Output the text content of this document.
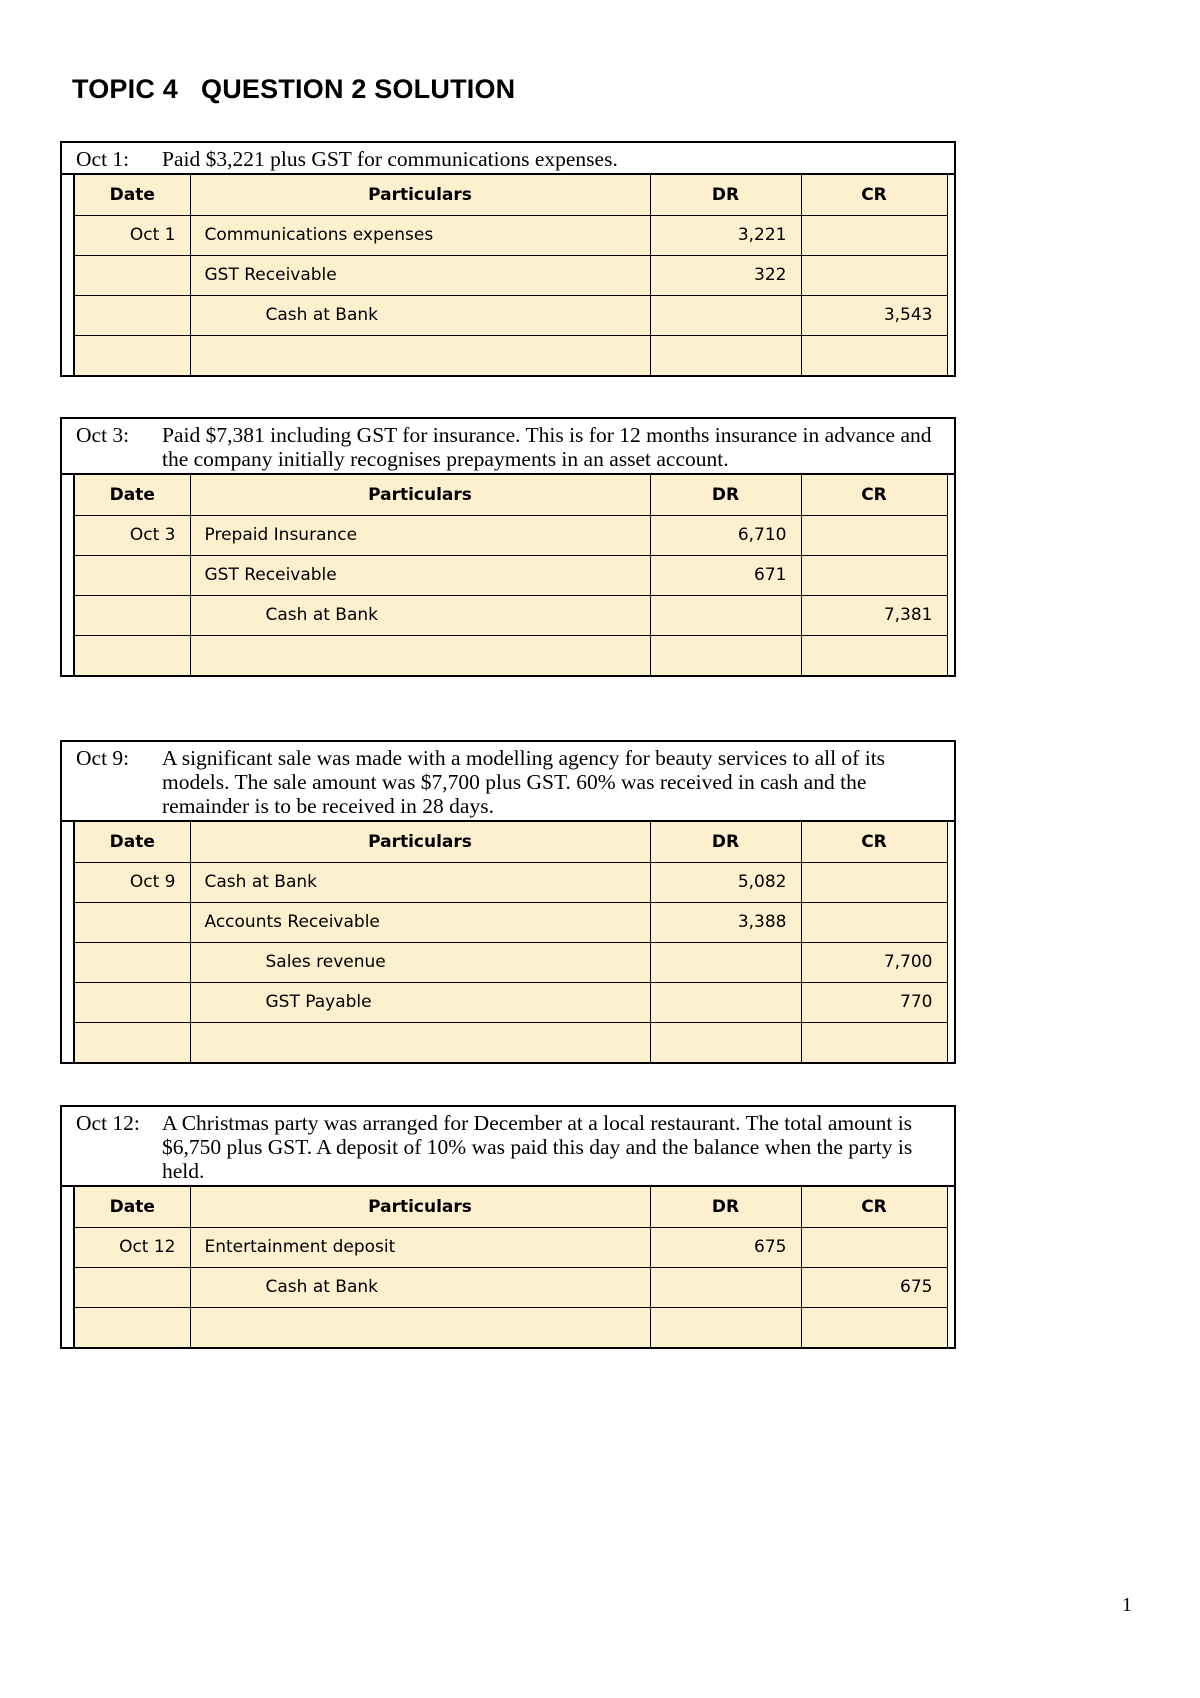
TOPIC 4   QUESTION 2 SOLUTION
Oct 1:	Paid $3,221 plus GST for communications expenses.
Date	Particulars	DR	CR
Oct 1	Communications expenses	3,221	
	GST Receivable	322	
	Cash at Bank		3,543

Oct 3:	Paid $7,381 including GST for insurance. This is for 12 months insurance in advance and the company initially recognises prepayments in an asset account.
Date	Particulars	DR	CR
Oct 3	Prepaid Insurance	6,710	
	GST Receivable	671	
	Cash at Bank		7,381

Oct 9:	A significant sale was made with a modelling agency for beauty services to all of its models. The sale amount was $7,700 plus GST. 60% was received in cash and the remainder is to be received in 28 days.
Date	Particulars	DR	CR
Oct 9	Cash at Bank	5,082	
	Accounts Receivable	3,388	
	Sales revenue		7,700
	GST Payable		770

Oct 12:	A Christmas party was arranged for December at a local restaurant. The total amount is $6,750 plus GST. A deposit of 10% was paid this day and the balance when the party is held.
Date	Particulars	DR	CR
Oct 12	Entertainment deposit	675	
	Cash at Bank		675

1
